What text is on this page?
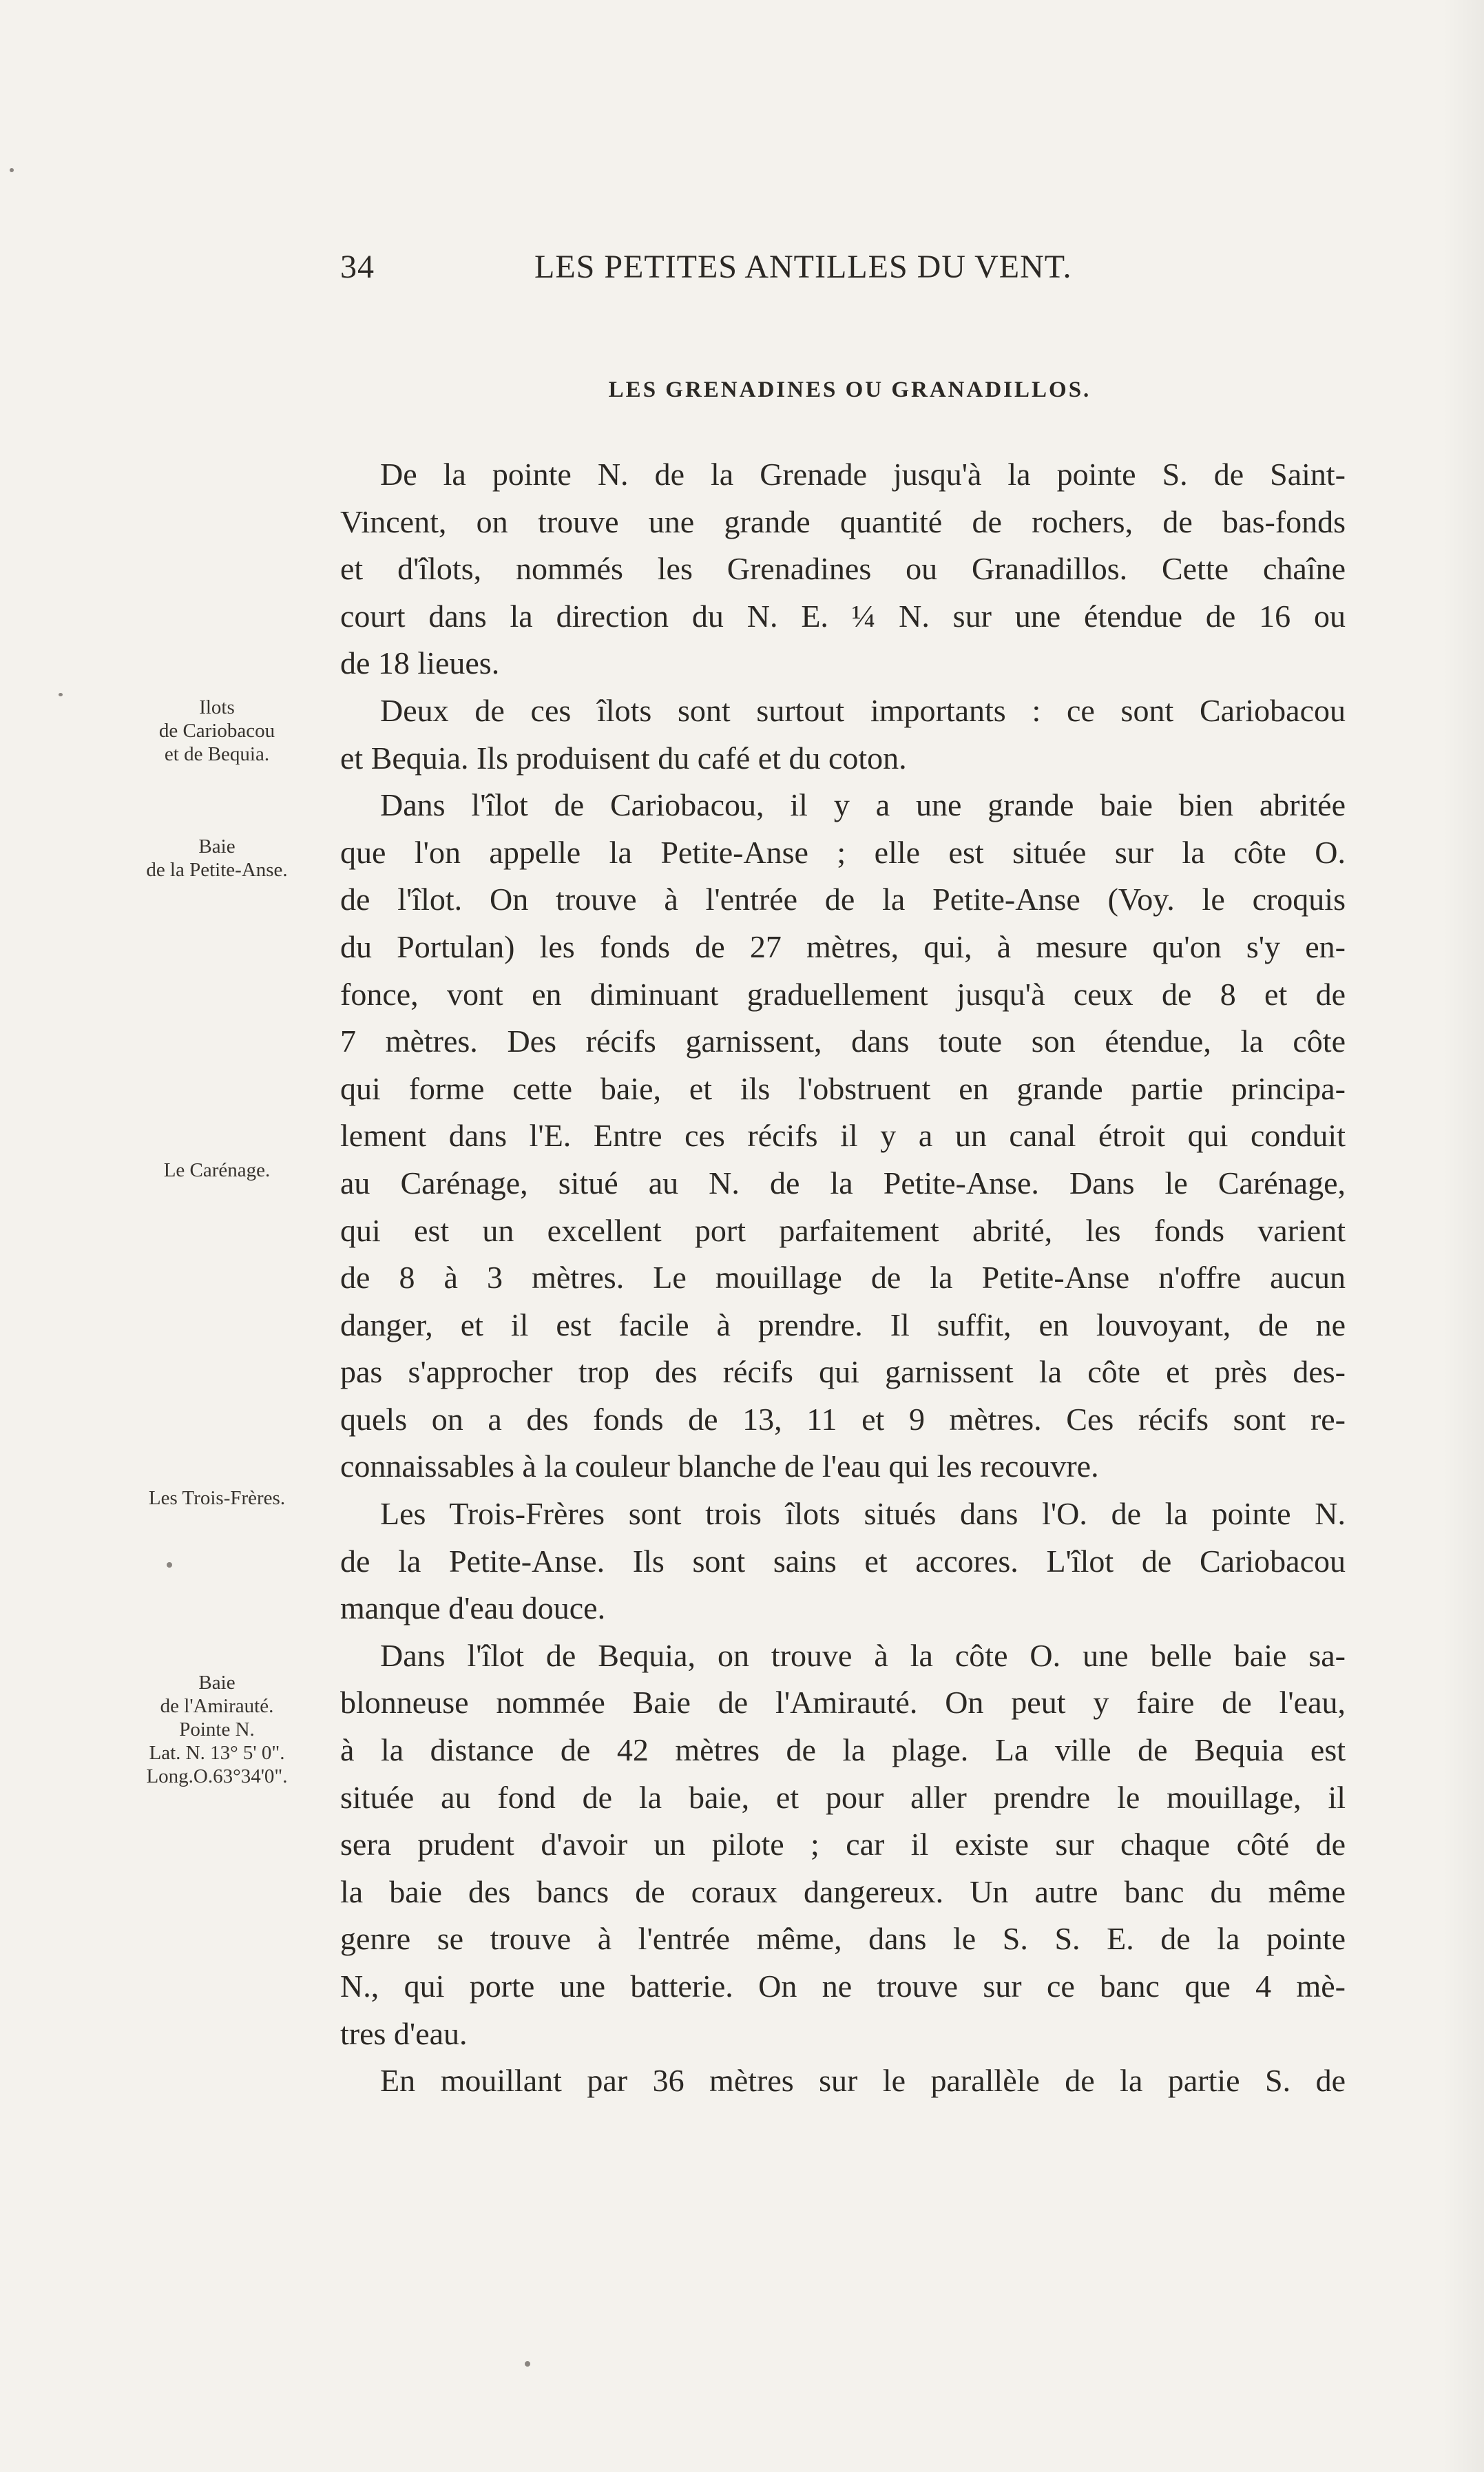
34	LES PETITES ANTILLES DU VENT.
LES GRENADINES OU GRANADILLOS.
Ilots
de Cariobacou
et de Bequia.
Baie
de la Petite-Anse.
Le Carénage.
Les Trois-Frères.
Baie
de l'Amirauté.
Pointe N.
Lat. N. 13° 5' 0".
Long.O.63°34'0".
De la pointe N. de la Grenade jusqu'à la pointe S. de Saint-
Vincent, on trouve une grande quantité de rochers, de bas-fonds
et d'îlots, nommés les Grenadines ou Granadillos. Cette chaîne
court dans la direction du N. E. ¼ N. sur une étendue de 16 ou
de 18 lieues.
Deux de ces îlots sont surtout importants : ce sont Cariobacou
et Bequia. Ils produisent du café et du coton.
Dans l'îlot de Cariobacou, il y a une grande baie bien abritée
que l'on appelle la Petite-Anse ; elle est située sur la côte O.
de l'îlot. On trouve à l'entrée de la Petite-Anse (Voy. le croquis
du Portulan) les fonds de 27 mètres, qui, à mesure qu'on s'y en-
fonce, vont en diminuant graduellement jusqu'à ceux de 8 et de
7 mètres. Des récifs garnissent, dans toute son étendue, la côte
qui forme cette baie, et ils l'obstruent en grande partie principa-
lement dans l'E. Entre ces récifs il y a un canal étroit qui conduit
au Carénage, situé au N. de la Petite-Anse. Dans le Carénage,
qui est un excellent port parfaitement abrité, les fonds varient
de 8 à 3 mètres. Le mouillage de la Petite-Anse n'offre aucun
danger, et il est facile à prendre. Il suffit, en louvoyant, de ne
pas s'approcher trop des récifs qui garnissent la côte et près des-
quels on a des fonds de 13, 11 et 9 mètres. Ces récifs sont re-
connaissables à la couleur blanche de l'eau qui les recouvre.
Les Trois-Frères sont trois îlots situés dans l'O. de la pointe N.
de la Petite-Anse. Ils sont sains et accores. L'îlot de Cariobacou
manque d'eau douce.
Dans l'îlot de Bequia, on trouve à la côte O. une belle baie sa-
blonneuse nommée Baie de l'Amirauté. On peut y faire de l'eau,
à la distance de 42 mètres de la plage. La ville de Bequia est
située au fond de la baie, et pour aller prendre le mouillage, il
sera prudent d'avoir un pilote ; car il existe sur chaque côté de
la baie des bancs de coraux dangereux. Un autre banc du même
genre se trouve à l'entrée même, dans le S. S. E. de la pointe
N., qui porte une batterie. On ne trouve sur ce banc que 4 mè-
tres d'eau.
En mouillant par 36 mètres sur le parallèle de la partie S. de
